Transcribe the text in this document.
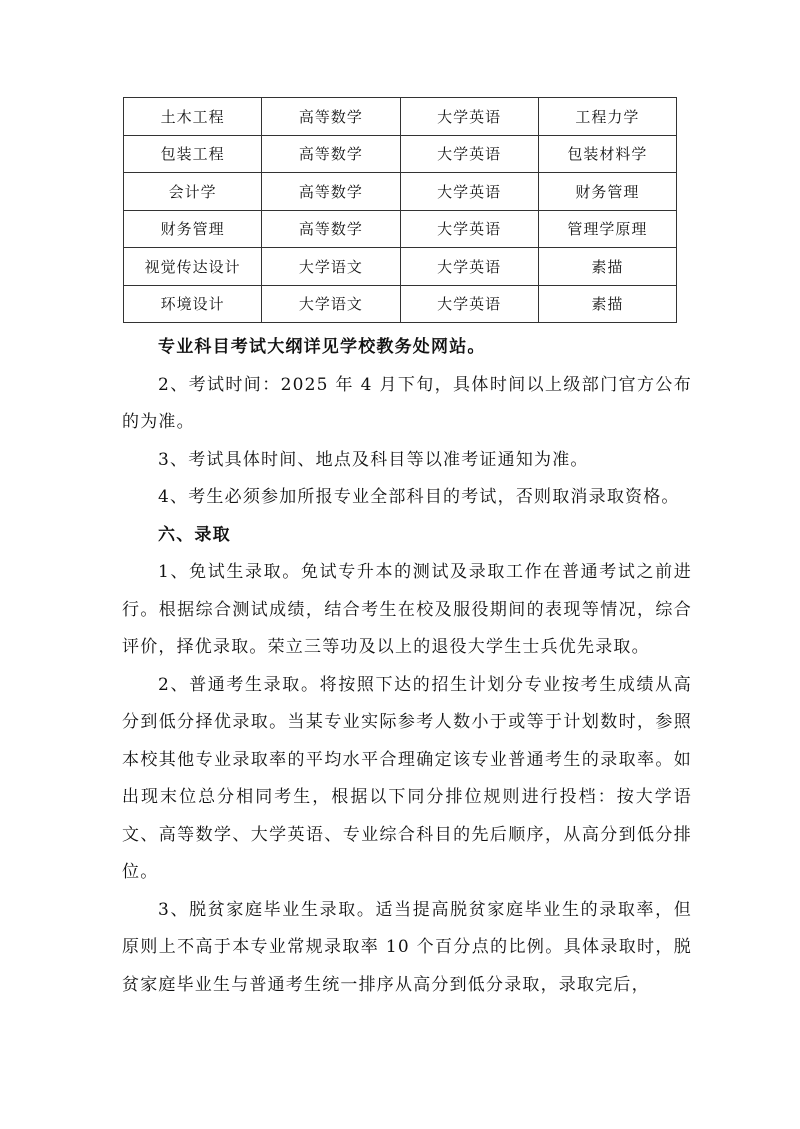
土木工程	高等数学	大学英语	工程力学
包装工程	高等数学	大学英语	包装材料学
会计学	高等数学	大学英语	财务管理
财务管理	高等数学	大学英语	管理学原理
视觉传达设计	大学语文	大学英语	素描
环境设计	大学语文	大学英语	素描

专业科目考试大纲详见学校教务处网站。

2、考试时间：2025 年 4 月下旬，具体时间以上级部门官方公布的为准。

3、考试具体时间、地点及科目等以准考证通知为准。

4、考生必须参加所报专业全部科目的考试，否则取消录取资格。

六、录取

1、免试生录取。免试专升本的测试及录取工作在普通考试之前进行。根据综合测试成绩，结合考生在校及服役期间的表现等情况，综合评价，择优录取。荣立三等功及以上的退役大学生士兵优先录取。

2、普通考生录取。将按照下达的招生计划分专业按考生成绩从高分到低分择优录取。当某专业实际参考人数小于或等于计划数时，参照本校其他专业录取率的平均水平合理确定该专业普通考生的录取率。如出现末位总分相同考生，根据以下同分排位规则进行投档：按大学语文、高等数学、大学英语、专业综合科目的先后顺序，从高分到低分排位。

3、脱贫家庭毕业生录取。适当提高脱贫家庭毕业生的录取率，但原则上不高于本专业常规录取率 10 个百分点的比例。具体录取时，脱贫家庭毕业生与普通考生统一排序从高分到低分录取，录取完后，
